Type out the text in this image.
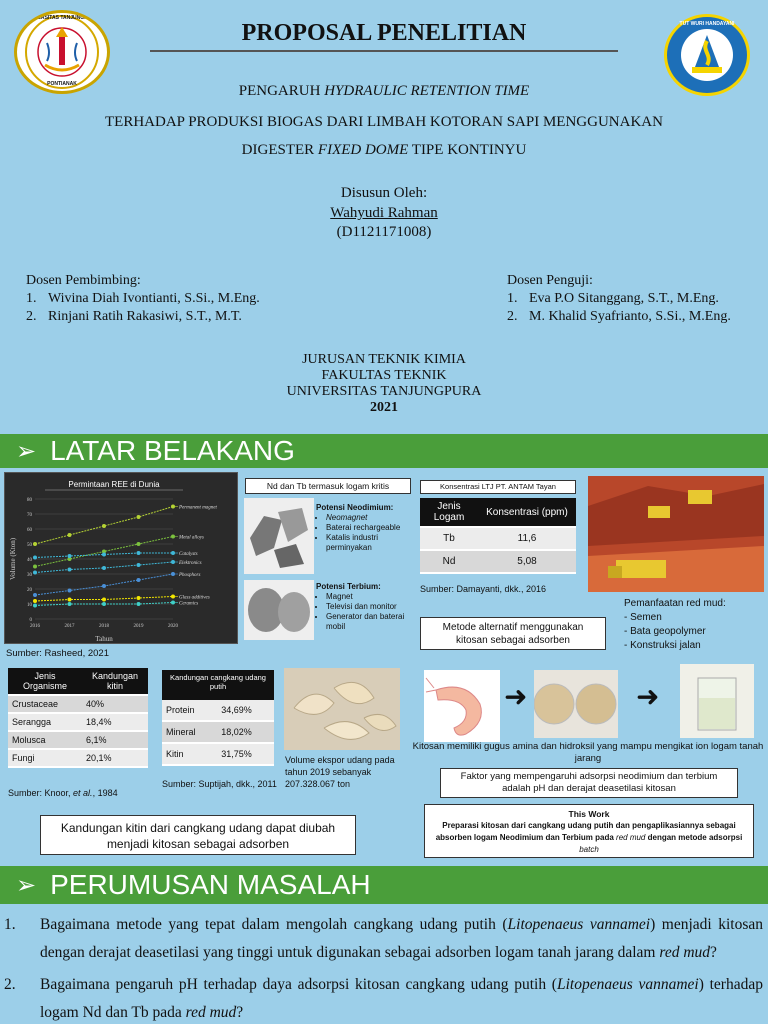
UNIVERSITAS TANJUNGPURA
PONTIANAK
TUT WURI HANDAYANI
PROPOSAL PENELITIAN
PENGARUH HYDRAULIC RETENTION TIME
TERHADAP PRODUKSI BIOGAS DARI LIMBAH KOTORAN SAPI MENGGUNAKAN
DIGESTER FIXED DOME TIPE KONTINYU
Disusun Oleh:
Wahyudi Rahman
(D1121171008)
Dosen Pembimbing:
1. Wivina Diah Ivontianti, S.Si., M.Eng.
2. Rinjani Ratih Rakasiwi, S.T., M.T.
Dosen Penguji:
1. Eva P.O Sitanggang, S.T., M.Eng.
2. M. Khalid Syafrianto, S.Si., M.Eng.
JURUSAN TEKNIK KIMIA
FAKULTAS TEKNIK
UNIVERSITAS TANJUNGPURA
2021
➢ LATAR BELAKANG
Permintaan REE di Dunia
0
10
20
30
40
50
60
70
80
2016	2017	2018	2019	2020
Tahun
Volume (Kton)
Permanent magnet
Metal alloys
Catalysts
Elektronics
Phosphors
Glass additives
Ceramics
Sumber: Rasheed, 2021
Nd dan Tb termasuk logam kritis
Potensi Neodimium:
• Neomagnet
• Baterai rechargeable
• Katalis industri perminyakan
Potensi Terbium:
• Magnet
• Televisi dan monitor
• Generator dan baterai mobil
Konsentrasi LTJ PT. ANTAM Tayan
Jenis Logam	Konsentrasi (ppm)
Tb	11,6
Nd	5,08
Sumber: Damayanti, dkk., 2016
Pemanfaatan red mud:
- Semen
- Bata geopolymer
- Konstruksi jalan
Metode alternatif menggunakan kitosan sebagai adsorben
Jenis Organisme	Kandungan kitin
Crustaceae	40%
Serangga	18,4%
Molusca	6,1%
Fungi	20,1%
Sumber: Knoor, et al., 1984
Kandungan cangkang udang putih
Protein	34,69%
Mineral	18,02%
Kitin	31,75%
Sumber: Suptijah, dkk., 2011
Volume ekspor udang pada tahun 2019 sebanyak 207.328.067 ton
Kandungan kitin dari cangkang udang dapat diubah menjadi kitosan sebagai adsorben
➜	➜
Kitosan memiliki gugus amina dan hidroksil yang mampu mengikat ion logam tanah jarang
Faktor yang mempengaruhi adsorpsi neodimium dan terbium adalah pH dan derajat deasetilasi kitosan
This Work
Preparasi kitosan dari cangkang udang putih dan pengaplikasiannya sebagai absorben logam Neodimium dan Terbium pada red mud dengan metode adsorpsi batch
➢ PERUMUSAN MASALAH
1. Bagaimana metode yang tepat dalam mengolah cangkang udang putih (Litopenaeus vannamei) menjadi kitosan dengan derajat deasetilasi yang tinggi untuk digunakan sebagai adsorben logam tanah jarang dalam red mud?
2. Bagaimana pengaruh pH terhadap daya adsorpsi kitosan cangkang udang putih (Litopenaeus vannamei) terhadap logam Nd dan Tb pada red mud?
